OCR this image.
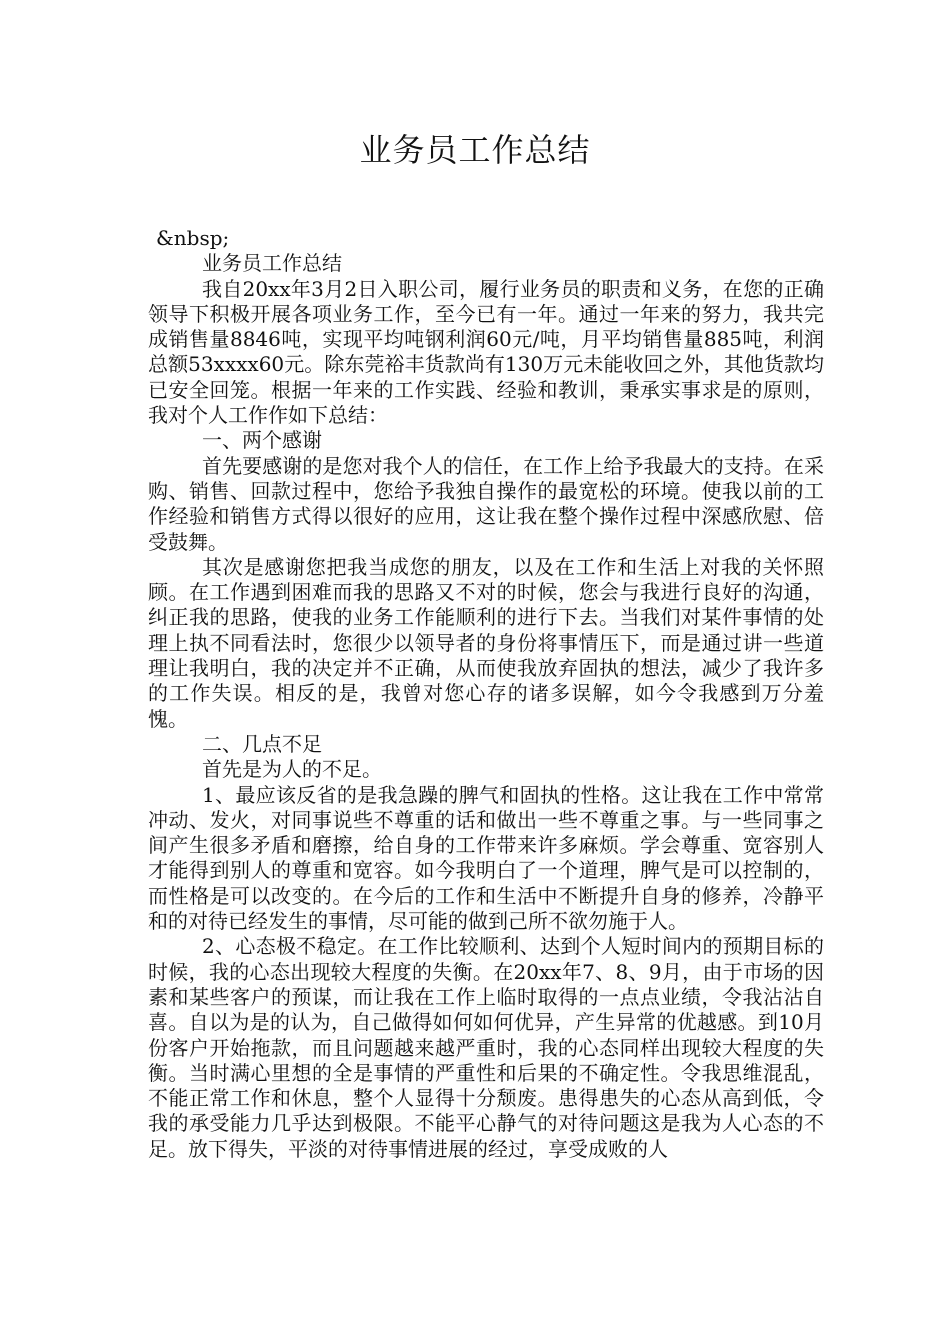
业务员工作总结

&nbsp;

业务员工作总结

我自20xx年3月2日入职公司，履行业务员的职责和义务，在您的正确领导下积极开展各项业务工作，至今已有一年。通过一年来的努力，我共完成销售量8846吨，实现平均吨钢利润60元/吨，月平均销售量885吨，利润总额53xxxx60元。除东莞裕丰货款尚有130万元未能收回之外，其他货款均已安全回笼。根据一年来的工作实践、经验和教训，秉承实事求是的原则，我对个人工作作如下总结：

一、两个感谢

首先要感谢的是您对我个人的信任，在工作上给予我最大的支持。在采购、销售、回款过程中，您给予我独自操作的最宽松的环境。使我以前的工作经验和销售方式得以很好的应用，这让我在整个操作过程中深感欣慰、倍受鼓舞。

其次是感谢您把我当成您的朋友，以及在工作和生活上对我的关怀照顾。在工作遇到困难而我的思路又不对的时候，您会与我进行良好的沟通，纠正我的思路，使我的业务工作能顺利的进行下去。当我们对某件事情的处理上执不同看法时，您很少以领导者的身份将事情压下，而是通过讲一些道理让我明白，我的决定并不正确，从而使我放弃固执的想法，减少了我许多的工作失误。相反的是，我曾对您心存的诸多误解，如今令我感到万分羞愧。

二、几点不足

首先是为人的不足。

1、最应该反省的是我急躁的脾气和固执的性格。这让我在工作中常常冲动、发火，对同事说些不尊重的话和做出一些不尊重之事。与一些同事之间产生很多矛盾和磨擦，给自身的工作带来许多麻烦。学会尊重、宽容别人才能得到别人的尊重和宽容。如今我明白了一个道理，脾气是可以控制的，而性格是可以改变的。在今后的工作和生活中不断提升自身的修养，冷静平和的对待已经发生的事情，尽可能的做到己所不欲勿施于人。

2、心态极不稳定。在工作比较顺利、达到个人短时间内的预期目标的时候，我的心态出现较大程度的失衡。在20xx年7、8、9月，由于市场的因素和某些客户的预谋，而让我在工作上临时取得的一点点业绩，令我沾沾自喜。自以为是的认为，自己做得如何如何优异，产生异常的优越感。到10月份客户开始拖款，而且问题越来越严重时，我的心态同样出现较大程度的失衡。当时满心里想的全是事情的严重性和后果的不确定性。令我思维混乱，不能正常工作和休息，整个人显得十分颓废。患得患失的心态从高到低，令我的承受能力几乎达到极限。不能平心静气的对待问题这是我为人心态的不足。放下得失，平淡的对待事情进展的经过，享受成败的人
